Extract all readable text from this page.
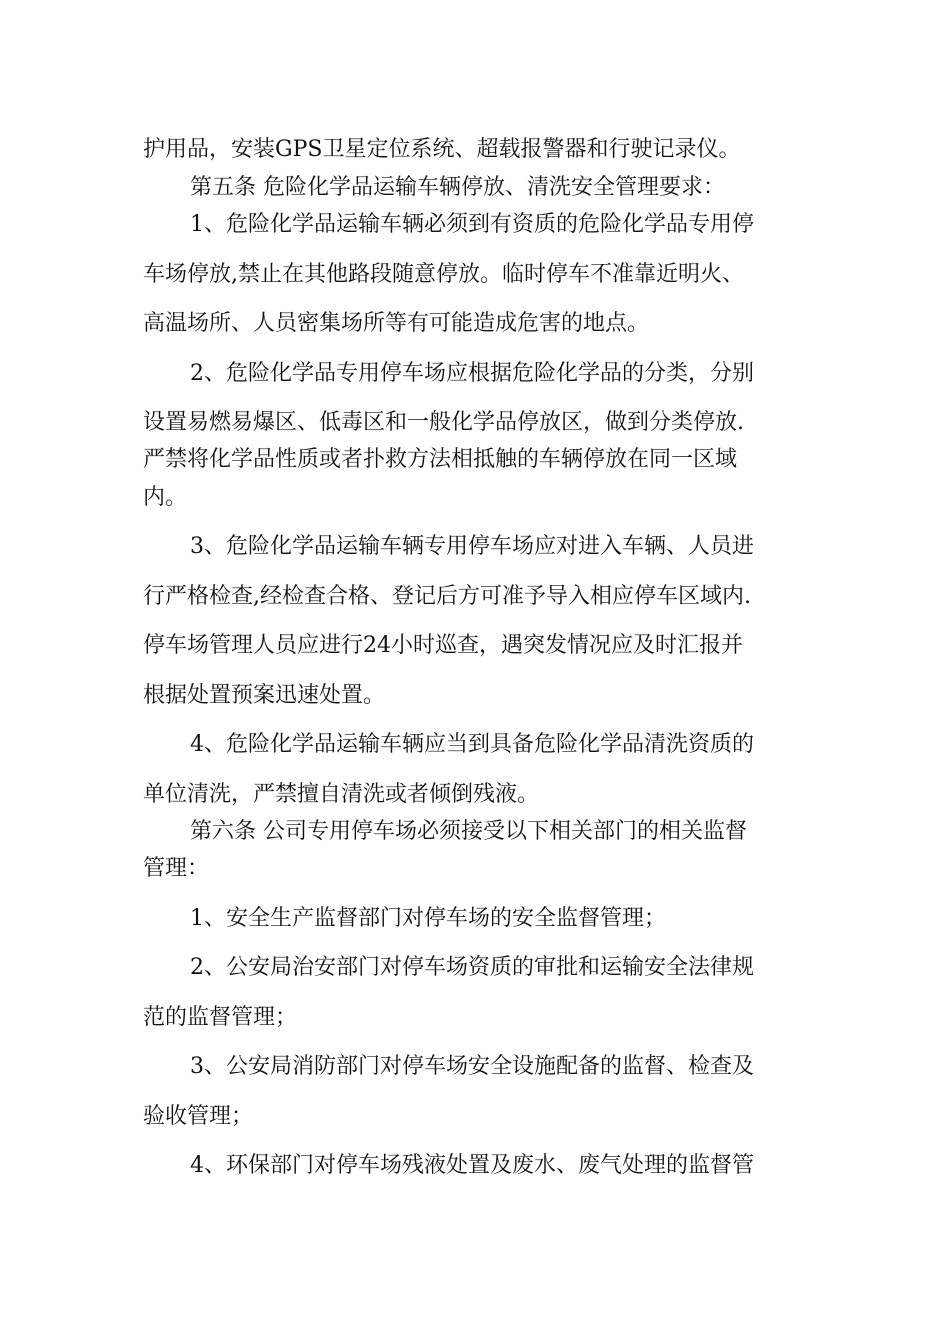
护用品，安装GPS卫星定位系统、超载报警器和行驶记录仪。
第五条 危险化学品运输车辆停放、清洗安全管理要求：
1、危险化学品运输车辆必须到有资质的危险化学品专用停
车场停放,禁止在其他路段随意停放。临时停车不准靠近明火、
高温场所、人员密集场所等有可能造成危害的地点。
2、危险化学品专用停车场应根据危险化学品的分类，分别
设置易燃易爆区、低毒区和一般化学品停放区，做到分类停放.
严禁将化学品性质或者扑救方法相抵触的车辆停放在同一区域
内。
3、危险化学品运输车辆专用停车场应对进入车辆、人员进
行严格检查,经检查合格、登记后方可准予导入相应停车区域内.
停车场管理人员应进行24小时巡查，遇突发情况应及时汇报并
根据处置预案迅速处置。
4、危险化学品运输车辆应当到具备危险化学品清洗资质的
单位清洗，严禁擅自清洗或者倾倒残液。
第六条 公司专用停车场必须接受以下相关部门的相关监督
管理：
1、安全生产监督部门对停车场的安全监督管理；
2、公安局治安部门对停车场资质的审批和运输安全法律规
范的监督管理；
3、公安局消防部门对停车场安全设施配备的监督、检查及
验收管理；
4、环保部门对停车场残液处置及废水、废气处理的监督管
